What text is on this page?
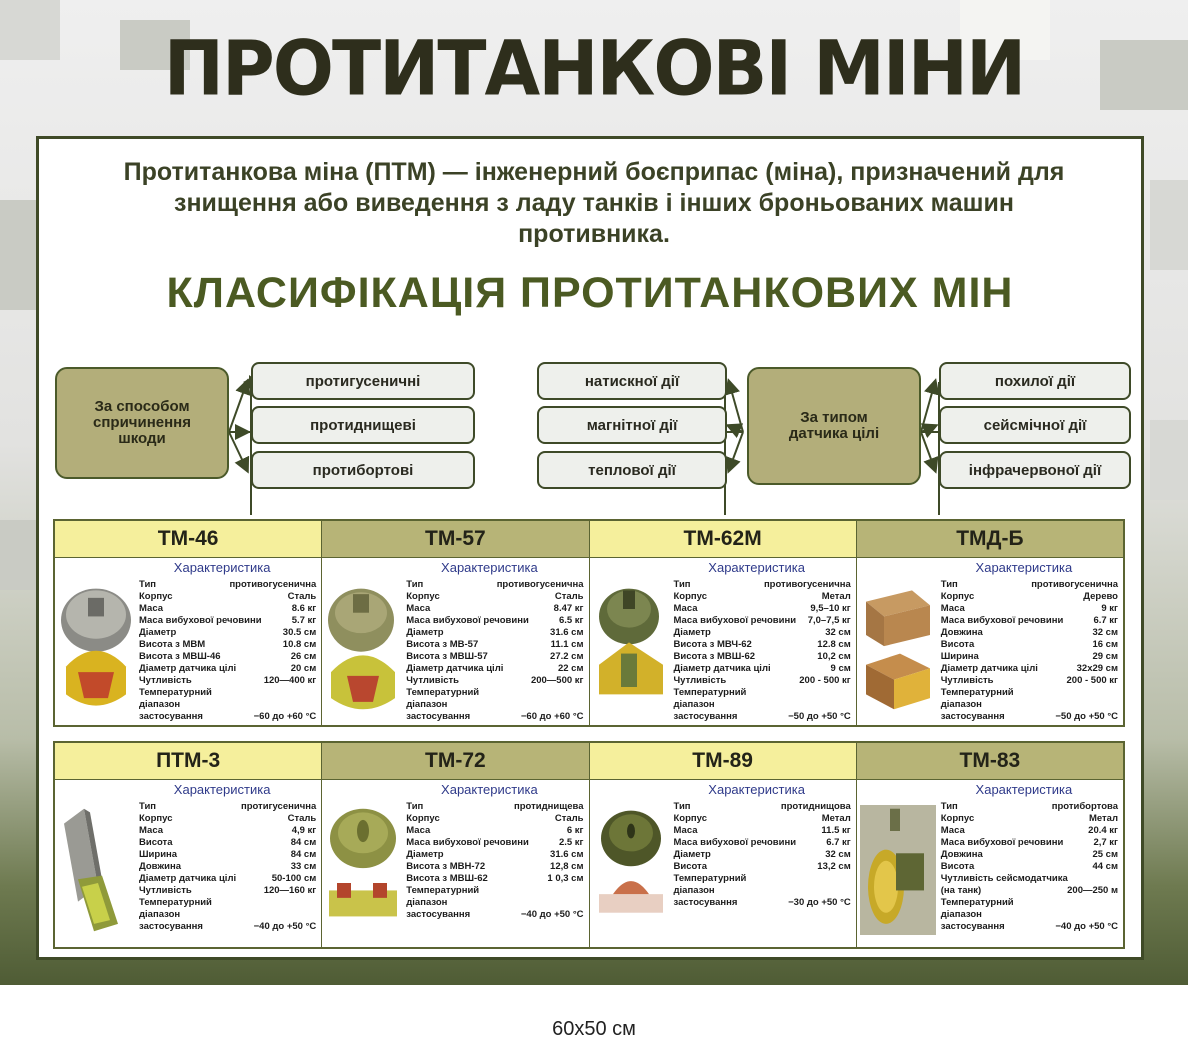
ПРОТИТАНКОВІ МІНИ
Протитанкова міна (ПТМ) — інженерний боєприпас (міна), призначений для знищення або виведення з ладу танків і інших броньованих машин противника.
КЛАСИФІКАЦІЯ ПРОТИТАНКОВИХ МІН
За способом спричинення шкоди
протигусеничні
протиднищеві
протибортові
натискної дії
магнітної дії
теплової дії
За типом датчика цілі
похилої дії
сейсмічної дії
інфрачервоної дії
ТМ-46
Характеристика
Тип	противогусенична
Корпус	Сталь
Маса	8.6 кг
Маса вибухової речовини	5.7 кг
Діаметр	30.5 см
Висота з МВМ	10.8 см
Висота з МВШ-46	26 см
Діаметр датчика цілі	20 см
Чутливість	120—400 кг
Температурний
діапазон
застосування	−60 до +60 °C
ТМ-57
Характеристика
Тип	противогусенична
Корпус	Сталь
Маса	8.47 кг
Маса вибухової речовини	6.5 кг
Діаметр	31.6 см
Висота з МВ-57	11.1 см
Висота з МВШ-57	27.2 см
Діаметр датчика цілі	22 см
Чутливість	200—500 кг
Температурний
діапазон
застосування	−60 до +60 °C
ТМ-62М
Характеристика
Тип	противогусенична
Корпус	Метал
Маса	9,5–10 кг
Маса вибухової речовини 7,0–7,5 кг
Діаметр	32 см
Висота з МВЧ-62	12.8 см
Висота з МВШ-62	10,2 см
Діаметр датчика цілі	9 см
Чутливість	200 - 500 кг
Температурний
діапазон
застосування	−50 до +50 °C
ТМД-Б
Характеристика
Тип	противогусенична
Корпус	Дерево
Маса	9 кг
Маса вибухової речовини	6.7 кг
Довжина	32 см
Висота	16 см
Ширина	29 см
Діаметр датчика цілі	32x29 см
Чутливість	200 - 500 кг
Температурний
діапазон
застосування	−50 до +50 °C
ПТМ-3
Характеристика
Тип	протигусенична
Корпус	Сталь
Маса	4,9 кг
Висота	84 см
Ширина	84 см
Довжина	33 см
Діаметр датчика цілі	50-100 см
Чутливість	120—160 кг
Температурний
діапазон
застосування	−40 до +50 °C
ТМ-72
Характеристика
Тип	протиднищева
Корпус	Сталь
Маса	6 кг
Маса вибухової речовини	2.5 кг
Діаметр	31.6 см
Висота з МВН-72	12,8 см
Висота з МВШ-62	1 0,3 см
Температурний
діапазон
застосування	−40 до +50 °C
ТМ-89
Характеристика
Тип	протиднищова
Корпус	Метал
Маса	11.5 кг
Маса вибухової речовини	6.7 кг
Діаметр	32 см
Висота	13,2 см
Температурний
діапазон
застосування	−30 до +50 °C
ТМ-83
Характеристика
Тип	протибортова
Корпус	Метал
Маса	20.4 кг
Маса вибухової речовини	2,7 кг
Довжина	25 см
Висота	44 см
Чутливість сейсмодатчика
(на танк)	200—250 м
Температурний
діапазон
застосування	−40 до +50 °C
60x50 см
